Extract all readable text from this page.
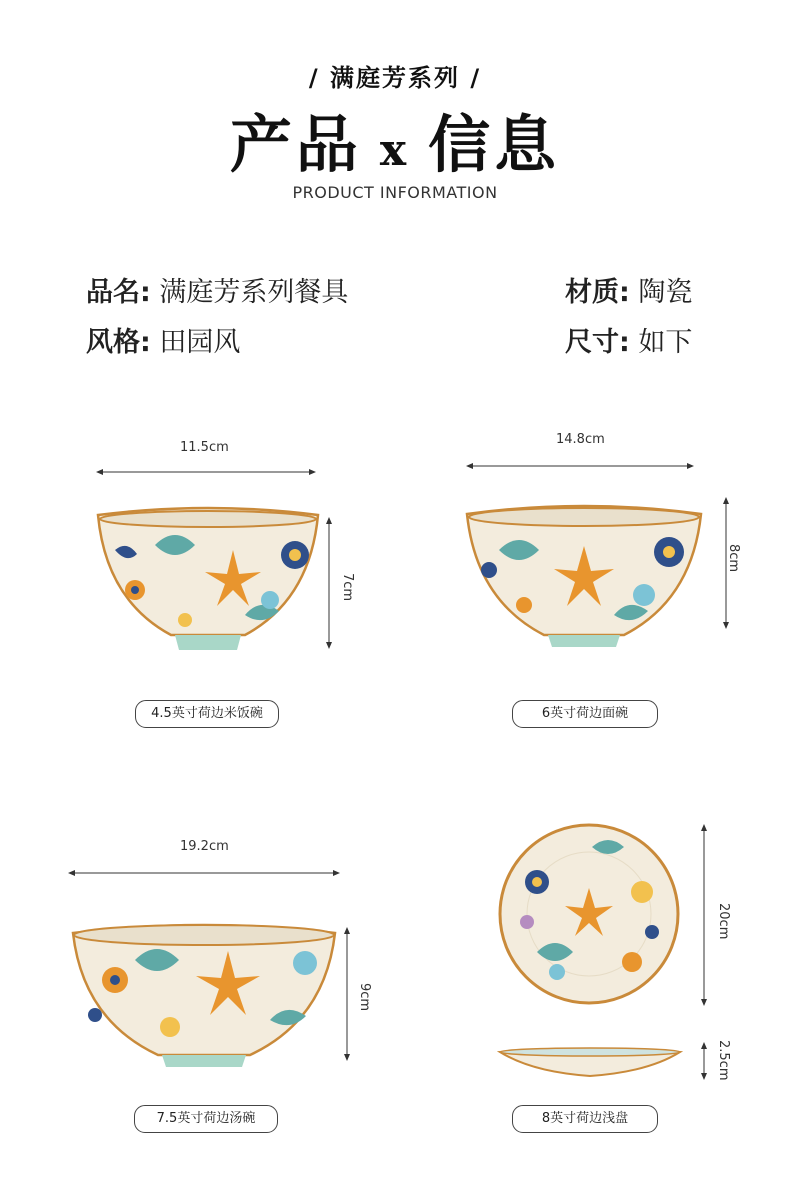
/ 满庭芳系列 /
产品 x 信息
PRODUCT INFORMATION
品名: 满庭芳系列餐具	材质: 陶瓷
风格: 田园风	尺寸: 如下
11.5cm
7cm
4.5英寸荷边米饭碗
14.8cm
8cm
6英寸荷边面碗
19.2cm
9cm
7.5英寸荷边汤碗
20cm
2.5cm
8英寸荷边浅盘
